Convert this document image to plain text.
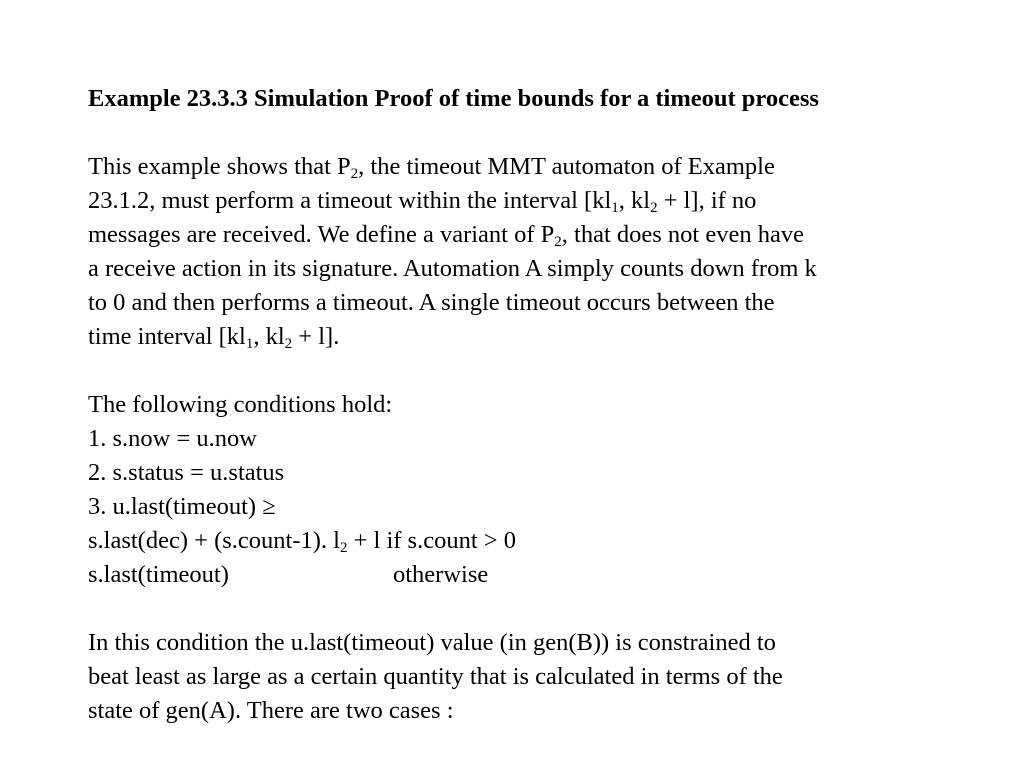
Example 23.3.3 Simulation Proof of time bounds for a timeout process
This example shows that $P_2$, the timeout MMT automaton of Example
23.1.2, must perform a timeout within the interval [$kl_1$, $kl_2 + l$], if no
messages are received. We define a variant of $P_2$, that does not even have
a receive action in its signature. Automation A simply counts down from k
to 0 and then performs a timeout. A single timeout occurs between the
time interval [$kl_1$, $kl_2 + l$].
The following conditions hold:
1. s.now = u.now
2. s.status = u.status
3. u.last(timeout) ≥
s.last(dec) + (s.count-1). $l_2 + l$ if s.count > 0
s.last(timeout)	otherwise
In this condition the u.last(timeout) value (in gen(B)) is constrained to
beat least as large as a certain quantity that is calculated in terms of the
state of gen(A). There are two cases :
